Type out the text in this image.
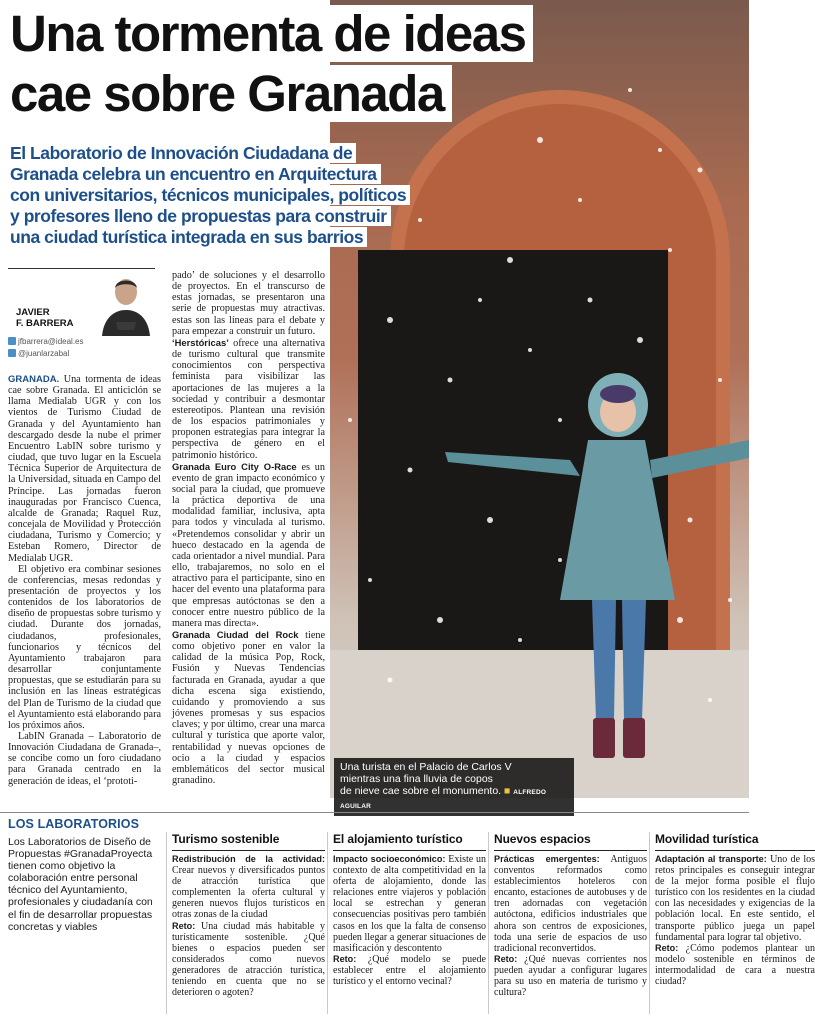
Una turista en el Palacio de Carlos V
mientras una fina lluvia de copos
de nieve cae sobre el monumento. ■ ALFREDO AGUILAR
Una tormenta de ideas
cae sobre Granada
El Laboratorio de Innovación Ciudadana de
Granada celebra un encuentro en Arquitectura
con universitarios, técnicos municipales, políticos
y profesores lleno de propuestas para construir
una ciudad turística integrada en sus barrios
JAVIER
F. BARRERA
jfbarrera@ideal.es
@juanlarzabal

GRANADA. Una tormenta de ideas cae sobre Granada. El anticiclón se llama Medialab UGR y con los vientos de Turismo Ciudad de Granada y del Ayuntamiento han descargado desde la nube el primer Encuentro LabIN sobre turismo y ciudad, que tuvo lugar en la Escuela Técnica Superior de Arquitectura de la Universidad, situada en Campo del Príncipe. Las jornadas fueron inauguradas por Francisco Cuenca, alcalde de Granada; Raquel Ruz, concejala de Movilidad y Protección ciudadana, Turismo y Comercio; y Esteban Romero, Director de Medialab UGR.

El objetivo era combinar sesiones de conferencias, mesas redondas y presentación de proyectos y los contenidos de los laboratorios de diseño de propuestas sobre turismo y ciudad. Durante dos jornadas, ciudadanos, profesionales, funcionarios y técnicos del Ayuntamiento trabajaron para desarrollar conjuntamente propuestas, que se estudiarán para su inclusión en las líneas estratégicas del Plan de Turismo de la ciudad que el Ayuntamiento está elaborando para los próximos años.

LabIN Granada – Laboratorio de Innovación Ciudadana de Granada–, se concibe como un foro ciudadano para Granada centrado en la generación de ideas, el ‘prototi-

pado’ de soluciones y el desarrollo de proyectos. En el transcurso de estas jornadas, se presentaron una serie de propuestas muy atractivas. estas son las líneas para el debate y para empezar a construir un futuro.

‘Herstóricas’ ofrece una alternativa de turismo cultural que transmite conocimientos con perspectiva feminista para visibilizar las aportaciones de las mujeres a la sociedad y contribuir a desmontar estereotipos. Plantean una revisión de los espacios patrimoniales y proponen estrategias para integrar la perspectiva de género en el patrimonio histórico.

Granada Euro City O-Race es un evento de gran impacto económico y social para la ciudad, que promueve la práctica deportiva de una modalidad familiar, inclusiva, apta para todos y vinculada al turismo. «Pretendemos consolidar y abrir un hueco destacado en la agenda de cada orientador a nivel mundial. Para ello, trabajaremos, no solo en el atractivo para el participante, sino en hacer del evento una plataforma para que empresas autóctonas se den a conocer entre nuestro público de la manera mas directa».

Granada Ciudad del Rock tiene como objetivo poner en valor la calidad de la música Pop, Rock, Fusión y Nuevas Tendencias facturada en Granada, ayudar a que dicha escena siga existiendo, cuidando y promoviendo a sus jóvenes promesas y sus espacios claves; y por último, crear una marca cultural y turística que aporte valor, rentabilidad y nuevas opciones de ocio a la ciudad y espacios emblemáticos del sector musical granadino.

LOS LABORATORIOS
Los Laboratorios de Diseño de Propuestas #GranadaProyecta tienen como objetivo la colaboración entre personal técnico del Ayuntamiento, profesionales y ciudadanía con el fin de desarrollar propuestas concretas y viables
Turismo sostenible
Redistribución de la actividad: Crear nuevos y diversificados puntos de atracción turística que complementen la oferta cultural y generen nuevos flujos turísticos en otras zonas de la ciudad
Reto: Una ciudad más habitable y turísticamente sostenible. ¿Qué bienes o espacios pueden ser considerados como nuevos generadores de atracción turística, teniendo en cuenta que no se deterioren o agoten?
El alojamiento turístico
Impacto socioeconómico: Existe un contexto de alta competitividad en la oferta de alojamiento, donde las relaciones entre viajeros y población local se estrechan y generan consecuencias positivas pero también casos en los que la falta de consenso pueden llegar a generar situaciones de masificación y descontento
Reto: ¿Qué modelo se puede establecer entre el alojamiento turístico y el entorno vecinal?
Nuevos espacios
Prácticas emergentes: Antiguos conventos reformados como establecimientos hoteleros con encanto, estaciones de autobuses y de tren adornadas con vegetación autóctona, edificios industriales que ahora son centros de exposiciones, toda una serie de espacios de uso tradicional reconvertidos.
Reto: ¿Qué nuevas corrientes nos pueden ayudar a configurar lugares para su uso en materia de turismo y cultura?
Movilidad turística
Adaptación al transporte: Uno de los retos principales es conseguir integrar de la mejor forma posible el flujo turístico con los residentes en la ciudad con las necesidades y exigencias de la población local. En este sentido, el transporte público juega un papel fundamental para lograr tal objetivo.
Reto: ¿Cómo podemos plantear un modelo sostenible en términos de intermodalidad de cara a nuestra ciudad?
